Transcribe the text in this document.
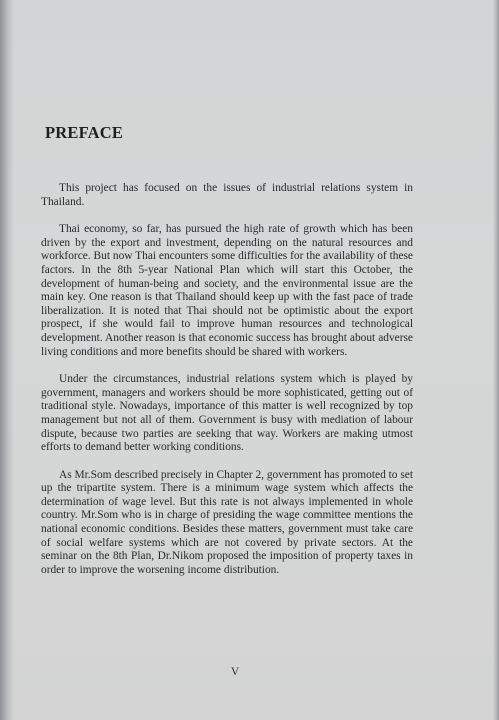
PREFACE

This project has focused on the issues of industrial relations system in Thailand.

Thai economy, so far, has pursued the high rate of growth which has been driven by the export and investment, depending on the natural resources and workforce. But now Thai encounters some difficulties for the availability of these factors. In the 8th 5-year National Plan which will start this October, the development of human-being and society, and the environmental issue are the main key. One reason is that Thailand should keep up with the fast pace of trade liberalization. It is noted that Thai should not be optimistic about the export prospect, if she would fail to improve human resources and technological development. Another reason is that economic success has brought about adverse living conditions and more benefits should be shared with workers.

Under the circumstances, industrial relations system which is played by government, managers and workers should be more sophisticated, getting out of traditional style. Nowadays, importance of this matter is well recognized by top management but not all of them. Government is busy with mediation of labour dispute, because two parties are seeking that way. Workers are making utmost efforts to demand better working conditions.

As Mr.Som described precisely in Chapter 2, government has promoted to set up the tripartite system. There is a minimum wage system which affects the determination of wage level. But this rate is not always implemented in whole country. Mr.Som who is in charge of presiding the wage committee mentions the national economic conditions. Besides these matters, government must take care of social welfare systems which are not covered by private sectors. At the seminar on the 8th Plan, Dr.Nikom proposed the imposition of property taxes in order to improve the worsening income distribution.

V
